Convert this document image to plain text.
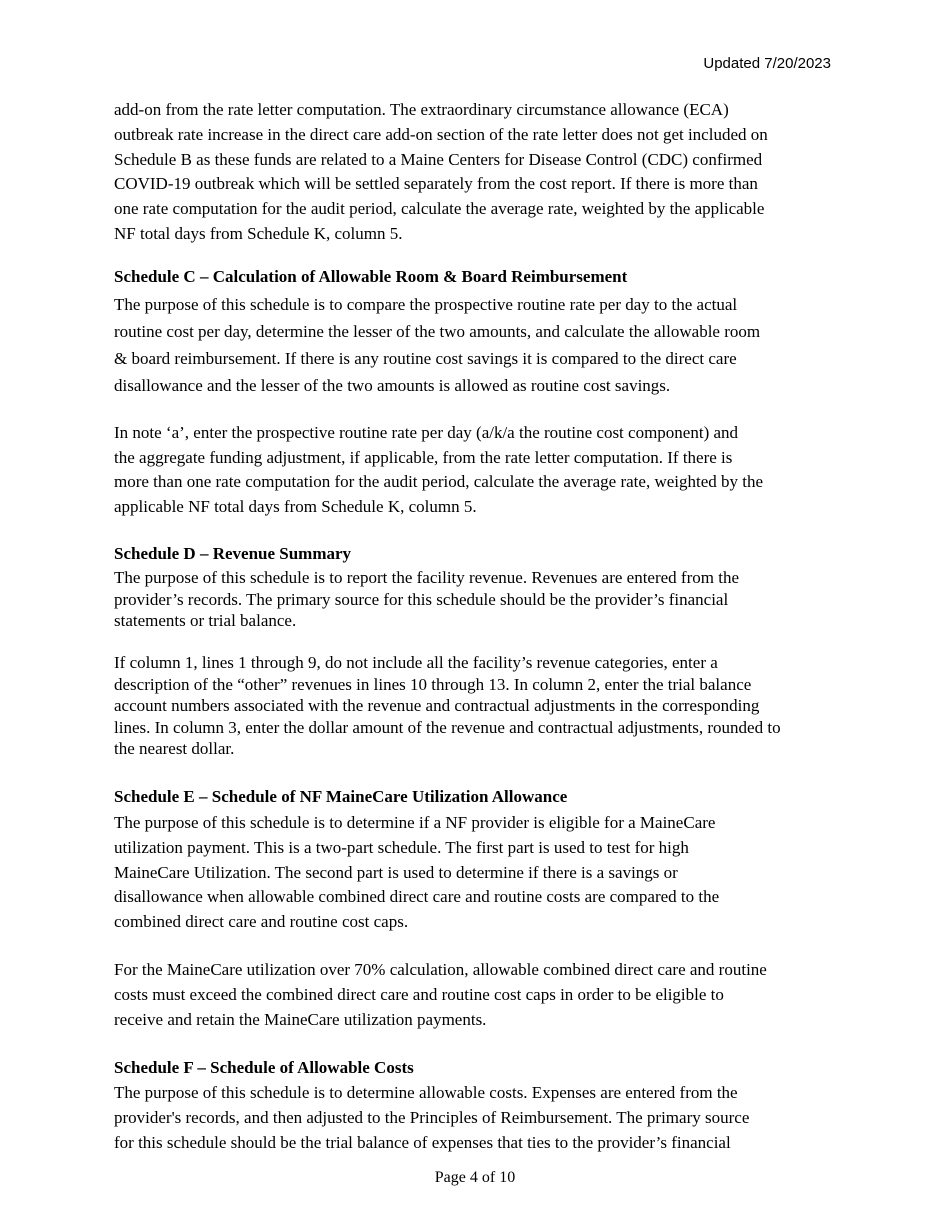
Updated 7/20/2023
add-on from the rate letter computation. The extraordinary circumstance allowance (ECA)
outbreak rate increase in the direct care add-on section of the rate letter does not get included on
Schedule B as these funds are related to a Maine Centers for Disease Control (CDC) confirmed
COVID-19 outbreak which will be settled separately from the cost report. If there is more than
one rate computation for the audit period, calculate the average rate, weighted by the applicable
NF total days from Schedule K, column 5.
Schedule C – Calculation of Allowable Room & Board Reimbursement
The purpose of this schedule is to compare the prospective routine rate per day to the actual
routine cost per day, determine the lesser of the two amounts, and calculate the allowable room
& board reimbursement. If there is any routine cost savings it is compared to the direct care
disallowance and the lesser of the two amounts is allowed as routine cost savings.
In note ‘a’, enter the prospective routine rate per day (a/k/a the routine cost component) and
the aggregate funding adjustment, if applicable, from the rate letter computation. If there is
more than one rate computation for the audit period, calculate the average rate, weighted by the
applicable NF total days from Schedule K, column 5.
Schedule D – Revenue Summary
The purpose of this schedule is to report the facility revenue. Revenues are entered from the
provider’s records. The primary source for this schedule should be the provider’s financial
statements or trial balance.
If column 1, lines 1 through 9, do not include all the facility’s revenue categories, enter a
description of the “other” revenues in lines 10 through 13. In column 2, enter the trial balance
account numbers associated with the revenue and contractual adjustments in the corresponding
lines. In column 3, enter the dollar amount of the revenue and contractual adjustments, rounded to
the nearest dollar.
Schedule E – Schedule of NF MaineCare Utilization Allowance
The purpose of this schedule is to determine if a NF provider is eligible for a MaineCare
utilization payment. This is a two-part schedule. The first part is used to test for high
MaineCare Utilization. The second part is used to determine if there is a savings or
disallowance when allowable combined direct care and routine costs are compared to the
combined direct care and routine cost caps.
For the MaineCare utilization over 70% calculation, allowable combined direct care and routine
costs must exceed the combined direct care and routine cost caps in order to be eligible to
receive and retain the MaineCare utilization payments.
Schedule F – Schedule of Allowable Costs
The purpose of this schedule is to determine allowable costs. Expenses are entered from the
provider's records, and then adjusted to the Principles of Reimbursement. The primary source
for this schedule should be the trial balance of expenses that ties to the provider’s financial
Page 4 of 10
